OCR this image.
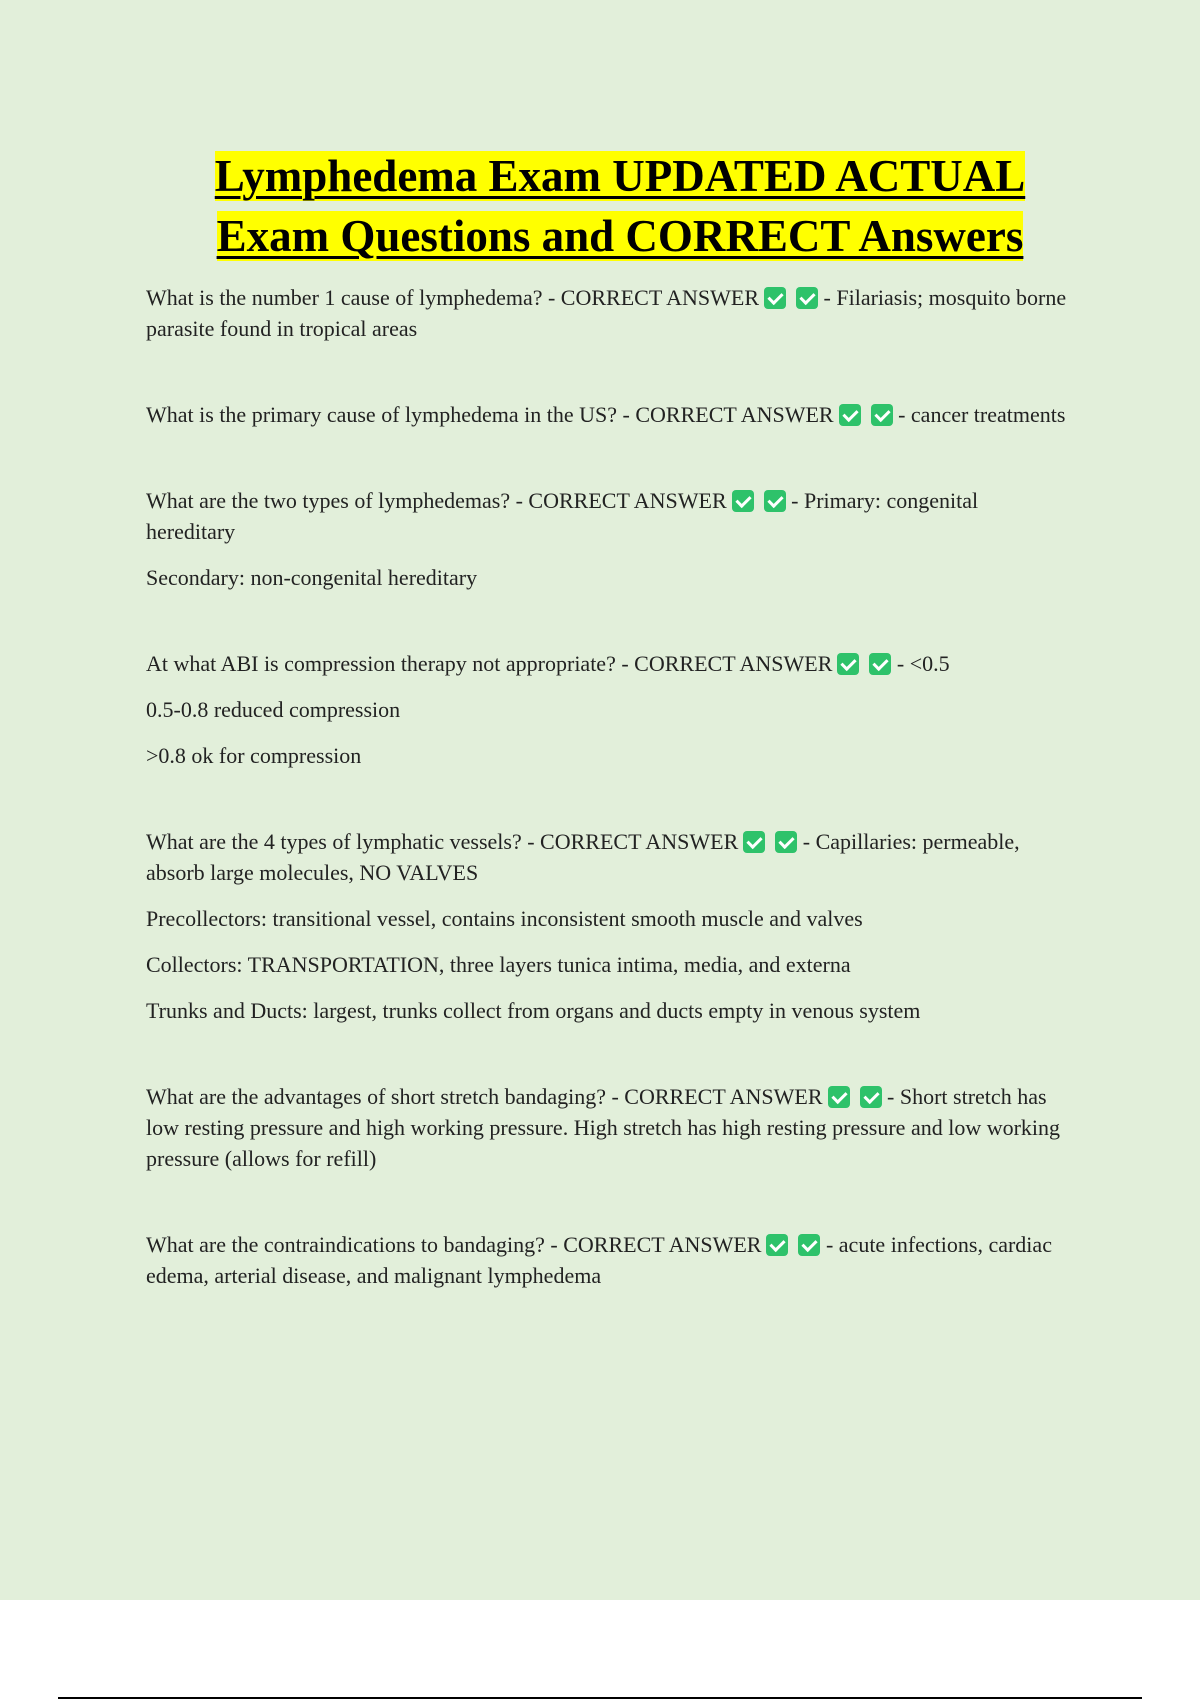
Lymphedema Exam UPDATED ACTUAL
Exam Questions and CORRECT Answers

What is the number 1 cause of lymphedema? - CORRECT ANSWER	- Filariasis; mosquito borne parasite found in tropical areas

What is the primary cause of lymphedema in the US? - CORRECT ANSWER	- cancer treatments

What are the two types of lymphedemas? - CORRECT ANSWER	- Primary: congenital hereditary

Secondary: non-congenital hereditary

At what ABI is compression therapy not appropriate? - CORRECT ANSWER	- <0.5

0.5-0.8 reduced compression

>0.8 ok for compression

What are the 4 types of lymphatic vessels? - CORRECT ANSWER	- Capillaries: permeable, absorb large molecules, NO VALVES

Precollectors: transitional vessel, contains inconsistent smooth muscle and valves

Collectors: TRANSPORTATION, three layers tunica intima, media, and externa

Trunks and Ducts: largest, trunks collect from organs and ducts empty in venous system

What are the advantages of short stretch bandaging? - CORRECT ANSWER	- Short stretch has low resting pressure and high working pressure. High stretch has high resting pressure and low working pressure (allows for refill)

What are the contraindications to bandaging? - CORRECT ANSWER	- acute infections, cardiac edema, arterial disease, and malignant lymphedema
